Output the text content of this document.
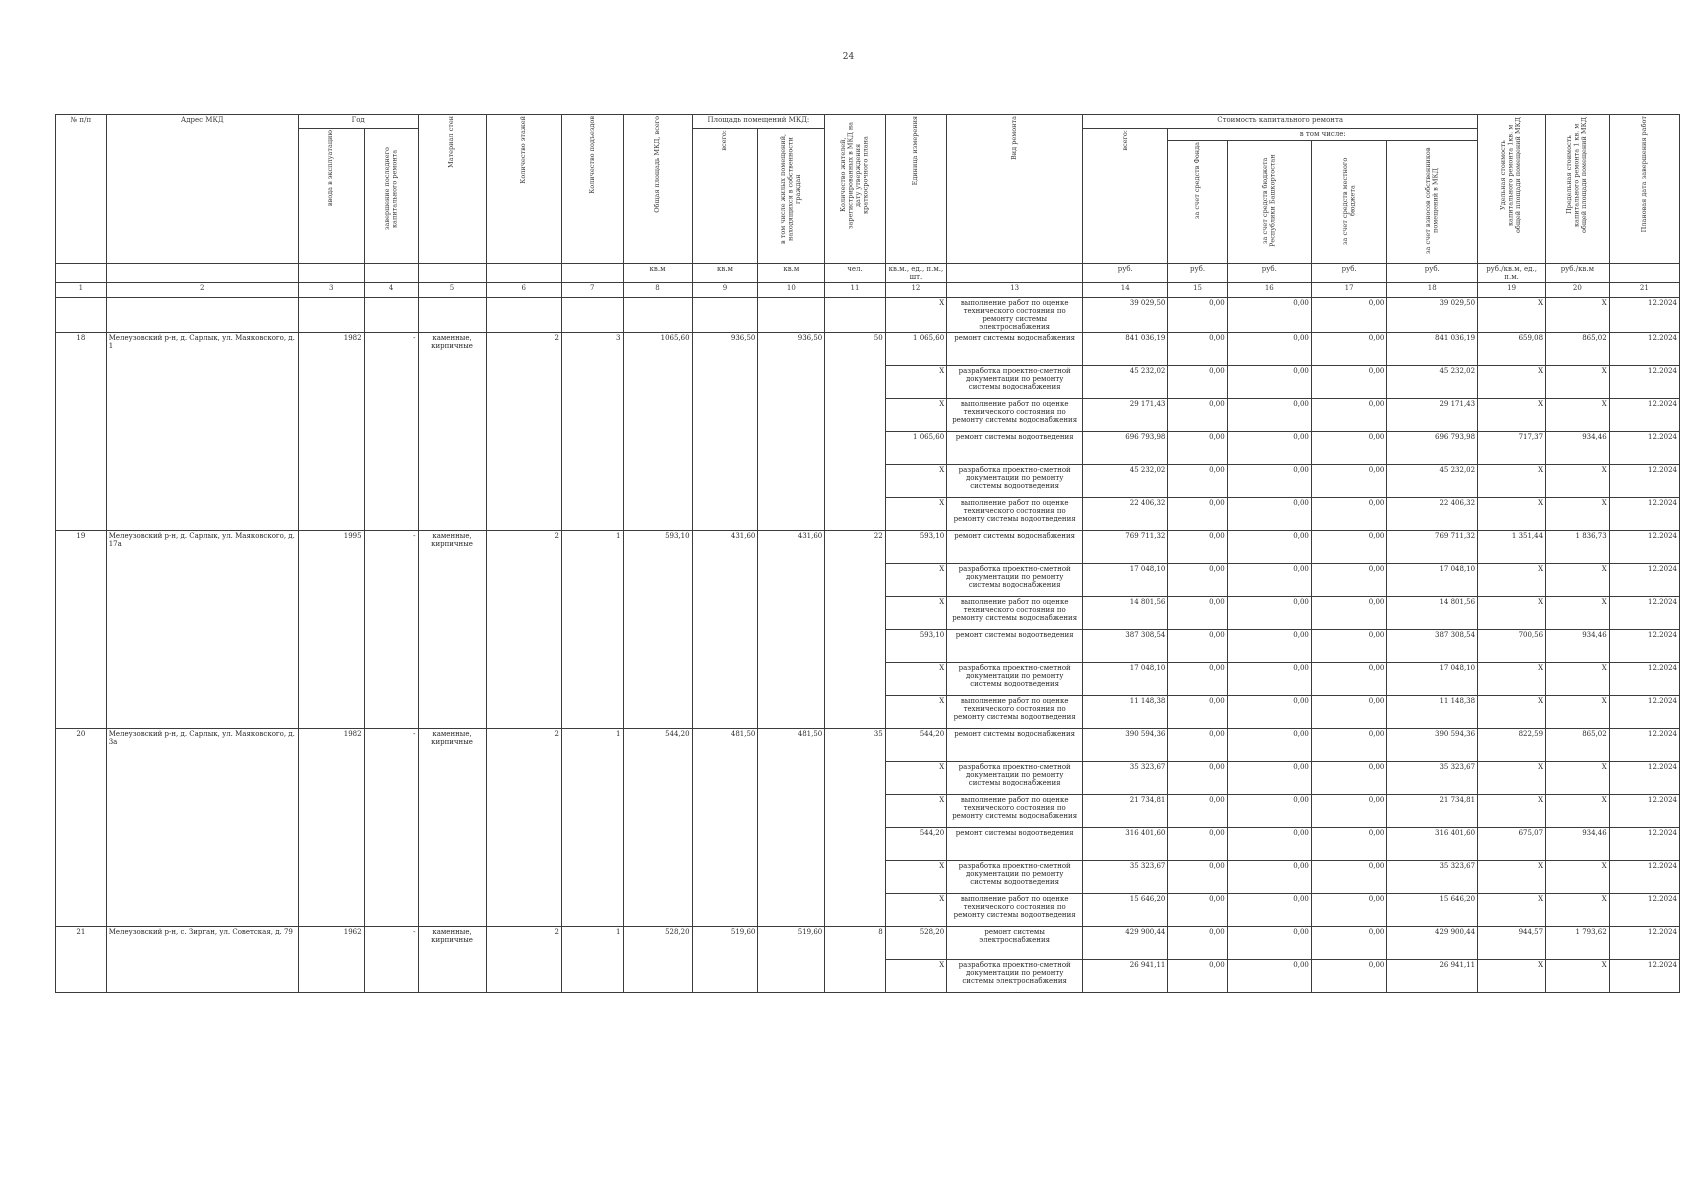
24
№ п/п	Адрес МКД	Год		Материал стен	Количество этажей	Количество подъездов	Общая площадь МКД, всего	Площадь помещений МКД:		Количество жителей, зарегистрированных в МКД на дату утверждения краткосрочного плана	Единица измерения	Вид ремонта	Стоимость капитального ремонта					Удельная стоимость капитального ремонта 1кв. м общей площади помещений МКД	Предельная стоимость капитального ремонта 1 кв. м общей площади помещений МКД	Плановая дата завершения работ
		ввода в эксплуатацию	завершение последнего капитального ремонта					всего:	в том числе жилых помещений, находящихся в собственности граждан				всего:	в том числе:						
														за счет средств Фонда	за счет средств бюджета Республики Башкортостан	за счет средств местного бюджета	за счет взносов собственников помещений в МКД			
							кв.м	кв.м	кв.м	чел.	кв.м., ед., п.м., шт.		руб.	руб.	руб.	руб.	руб.	руб./кв.м, ед., п.м.	руб./кв.м	
1	2	3	4	5	6	7	8	9	10	11	12	13	14	15	16	17	18	19	20	21
											X	выполнение работ по оценке технического состояния по ремонту системы электроснабжения	39 029,50	0,00	0,00	0,00	39 029,50	X	X	12.2024
18	Мелеузовский р-н, д. Сарлык, ул. Маяковского, д. 1	1982	-	каменные, кирпичные	2	3	1065,60	936,50	936,50	50	1 065,60	ремонт системы водоснабжения	841 036,19	0,00	0,00	0,00	841 036,19	659,08	865,02	12.2024
											X	разработка проектно-сметной документации по ремонту системы водоснабжения	45 232,02	0,00	0,00	0,00	45 232,02	X	X	12.2024
											X	выполнение работ по оценке технического состояния по ремонту системы водоснабжения	29 171,43	0,00	0,00	0,00	29 171,43	X	X	12.2024
											1 065,60	ремонт системы водоотведения	696 793,98	0,00	0,00	0,00	696 793,98	717,37	934,46	12.2024
											X	разработка проектно-сметной документации по ремонту системы водоотведения	45 232,02	0,00	0,00	0,00	45 232,02	X	X	12.2024
											X	выполнение работ по оценке технического состояния по ремонту системы водоотведения	22 406,32	0,00	0,00	0,00	22 406,32	X	X	12.2024
19	Мелеузовский р-н, д. Сарлык, ул. Маяковского, д. 17а	1995	-	каменные, кирпичные	2	1	593,10	431,60	431,60	22	593,10	ремонт системы водоснабжения	769 711,32	0,00	0,00	0,00	769 711,32	1 351,44	1 836,73	12.2024
											X	разработка проектно-сметной документации по ремонту системы водоснабжения	17 048,10	0,00	0,00	0,00	17 048,10	X	X	12.2024
											X	выполнение работ по оценке технического состояния по ремонту системы водоснабжения	14 801,56	0,00	0,00	0,00	14 801,56	X	X	12.2024
											593,10	ремонт системы водоотведения	387 308,54	0,00	0,00	0,00	387 308,54	700,56	934,46	12.2024
											X	разработка проектно-сметной документации по ремонту системы водоотведения	17 048,10	0,00	0,00	0,00	17 048,10	X	X	12.2024
											X	выполнение работ по оценке технического состояния по ремонту системы водоотведения	11 148,38	0,00	0,00	0,00	11 148,38	X	X	12.2024
20	Мелеузовский р-н, д. Сарлык, ул. Маяковского, д. 3а	1982	-	каменные, кирпичные	2	1	544,20	481,50	481,50	35	544,20	ремонт системы водоснабжения	390 594,36	0,00	0,00	0,00	390 594,36	822,59	865,02	12.2024
											X	разработка проектно-сметной документации по ремонту системы водоснабжения	35 323,67	0,00	0,00	0,00	35 323,67	X	X	12.2024
											X	выполнение работ по оценке технического состояния по ремонту системы водоснабжения	21 734,81	0,00	0,00	0,00	21 734,81	X	X	12.2024
											544,20	ремонт системы водоотведения	316 401,60	0,00	0,00	0,00	316 401,60	675,07	934,46	12.2024
											X	разработка проектно-сметной документации по ремонту системы водоотведения	35 323,67	0,00	0,00	0,00	35 323,67	X	X	12.2024
											X	выполнение работ по оценке технического состояния по ремонту системы водоотведения	15 646,20	0,00	0,00	0,00	15 646,20	X	X	12.2024
21	Мелеузовский р-н, с. Зирган, ул. Советская, д. 79	1962	-	каменные, кирпичные	2	1	528,20	519,60	519,60	8	528,20	ремонт системы электроснабжения	429 900,44	0,00	0,00	0,00	429 900,44	944,57	1 793,62	12.2024
											X	разработка проектно-сметной документации по ремонту системы электроснабжения	26 941,11	0,00	0,00	0,00	26 941,11	X	X	12.2024
